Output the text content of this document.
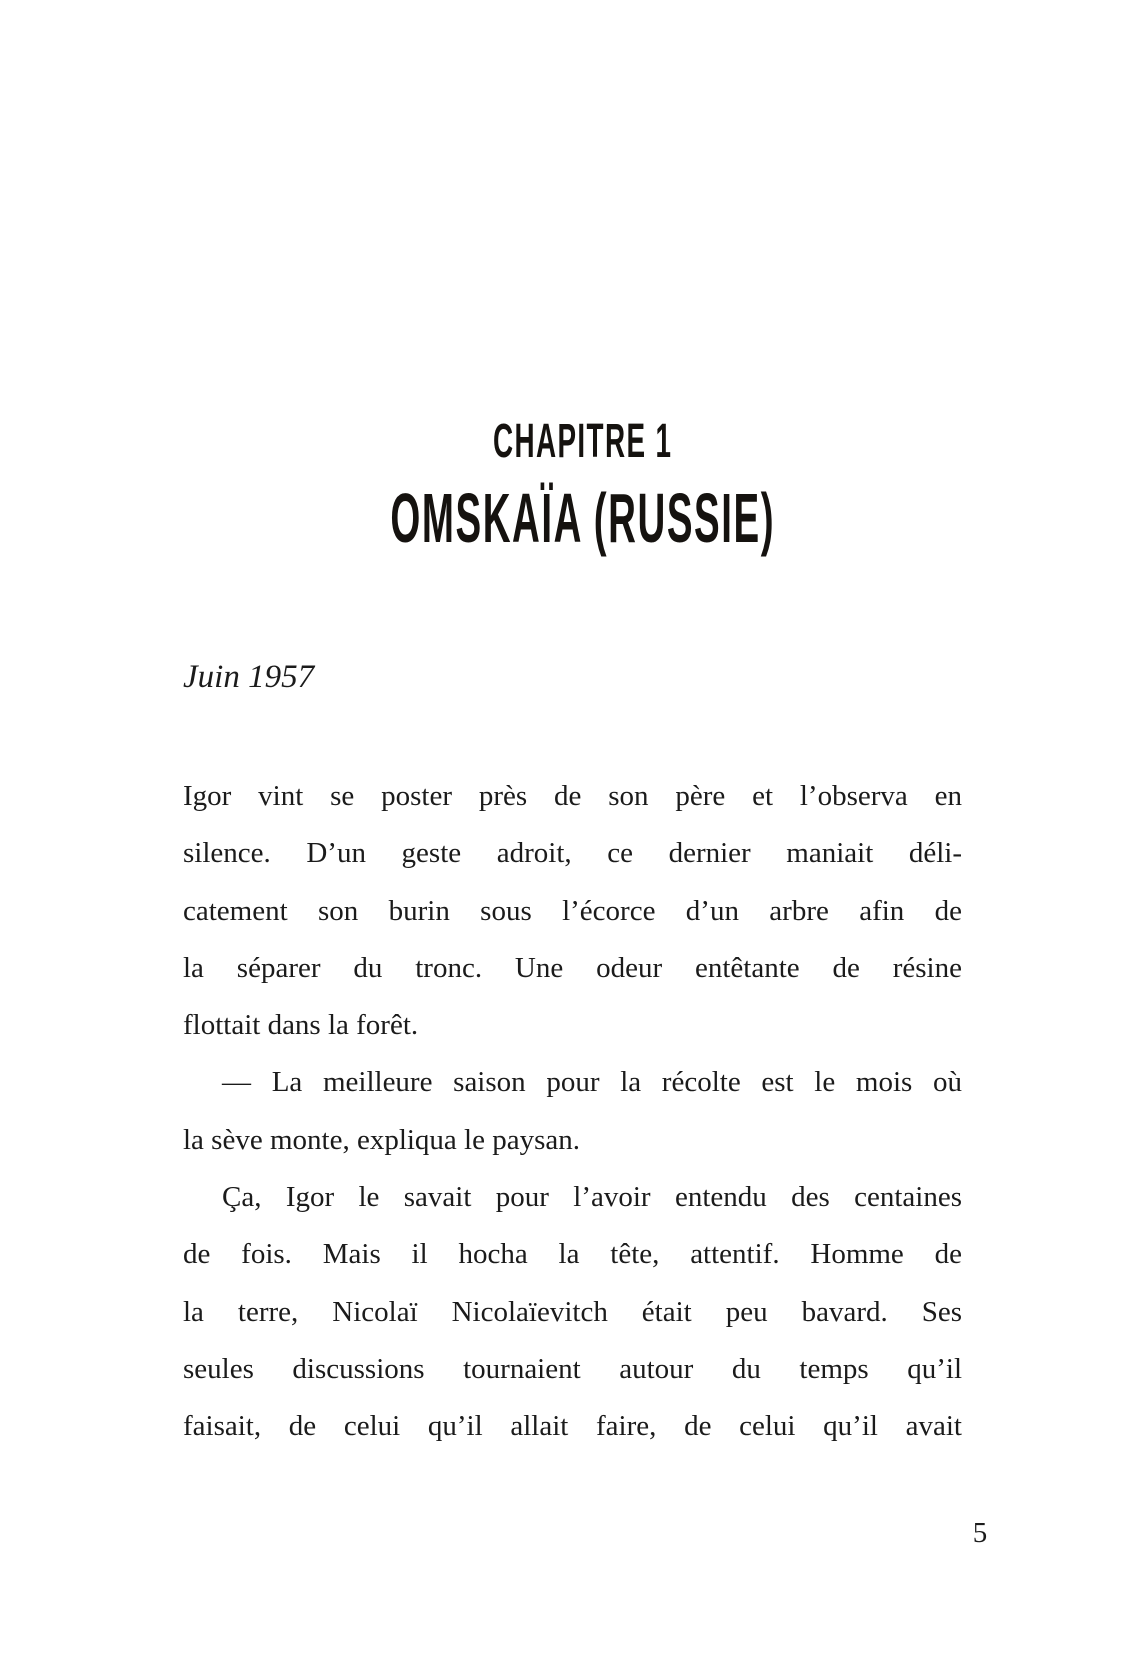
CHAPITRE 1
OMSKAÏA (RUSSIE)
Juin 1957
Igor vint se poster près de son père et l’observa en
silence. D’un geste adroit, ce dernier maniait déli-
catement son burin sous l’écorce d’un arbre afin de
la séparer du tronc. Une odeur entêtante de résine
flottait dans la forêt.
— La meilleure saison pour la récolte est le mois où
la sève monte, expliqua le paysan.
Ça, Igor le savait pour l’avoir entendu des centaines
de fois. Mais il hocha la tête, attentif. Homme de
la terre, Nicolaï Nicolaïevitch était peu bavard. Ses
seules discussions tournaient autour du temps qu’il
faisait, de celui qu’il allait faire, de celui qu’il avait
5
